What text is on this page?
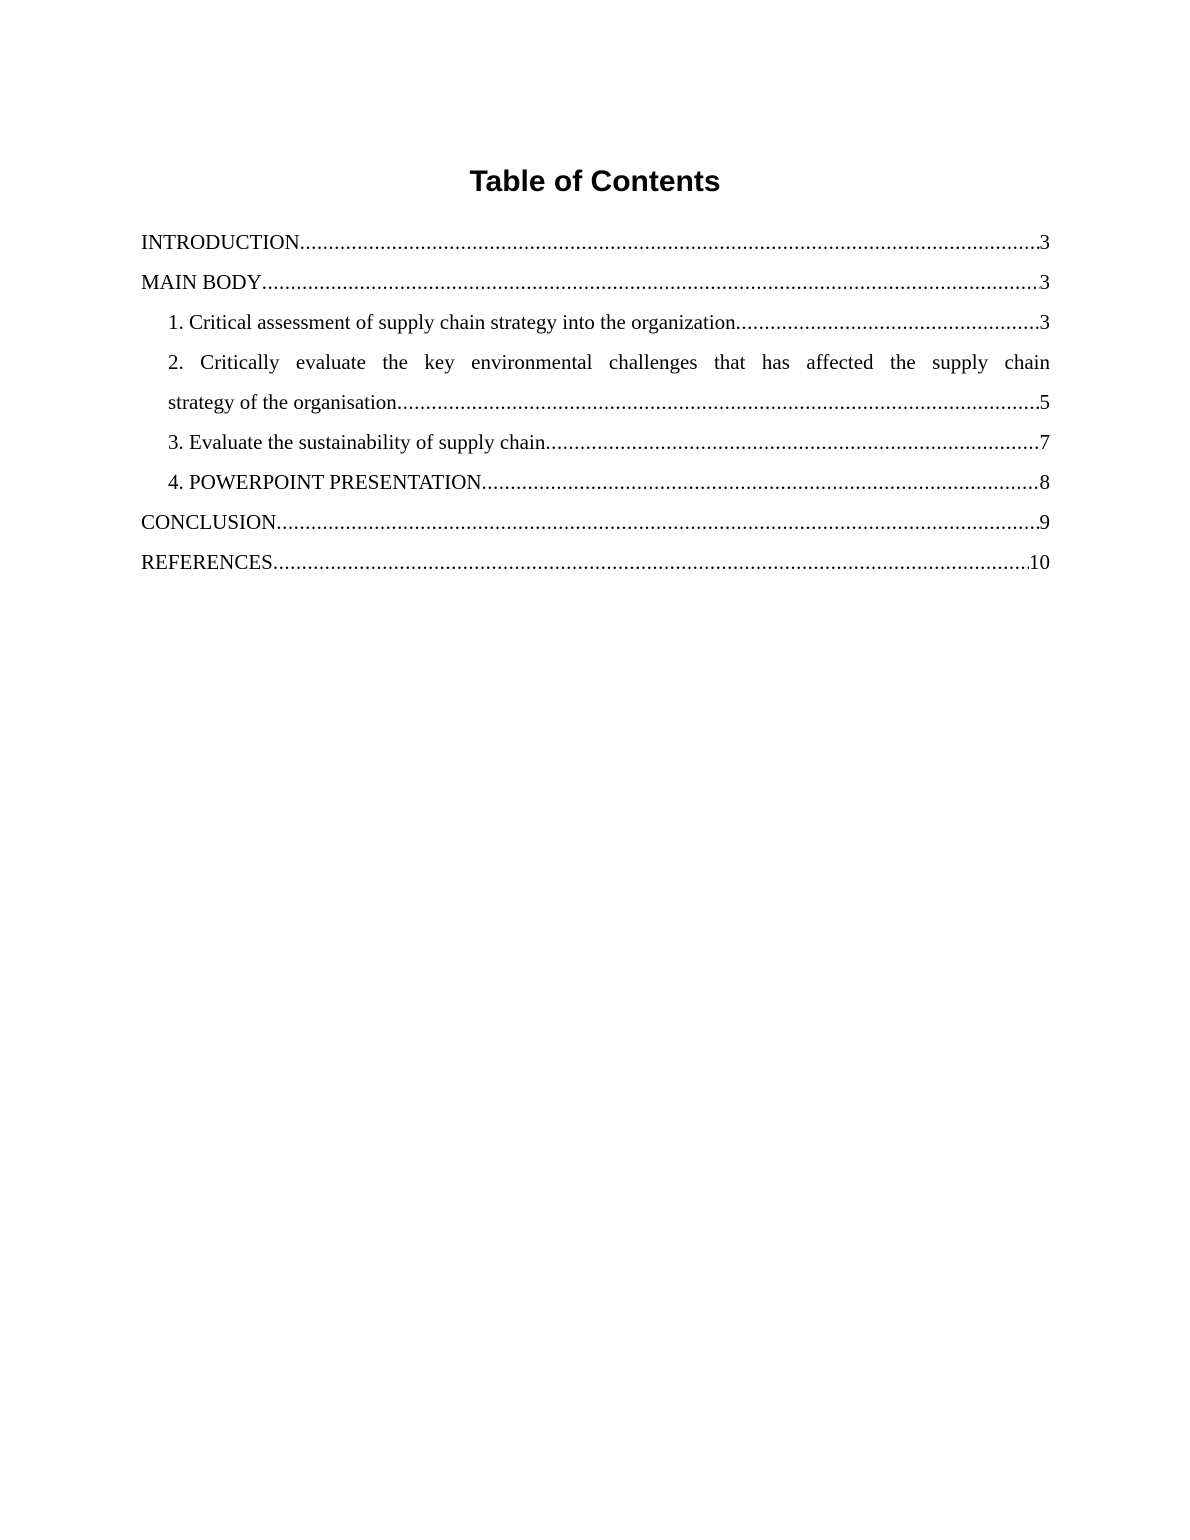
Table of Contents
INTRODUCTION .....	3
MAIN BODY .....	3
1. Critical assessment of supply chain strategy into the organization .....	3
2. Critically evaluate the key environmental challenges that has affected the supply chain
strategy of the organisation .....	5
3. Evaluate the sustainability of supply chain .....	7
4. POWERPOINT PRESENTATION .....	8
CONCLUSION .....	9
REFERENCES .....	10
